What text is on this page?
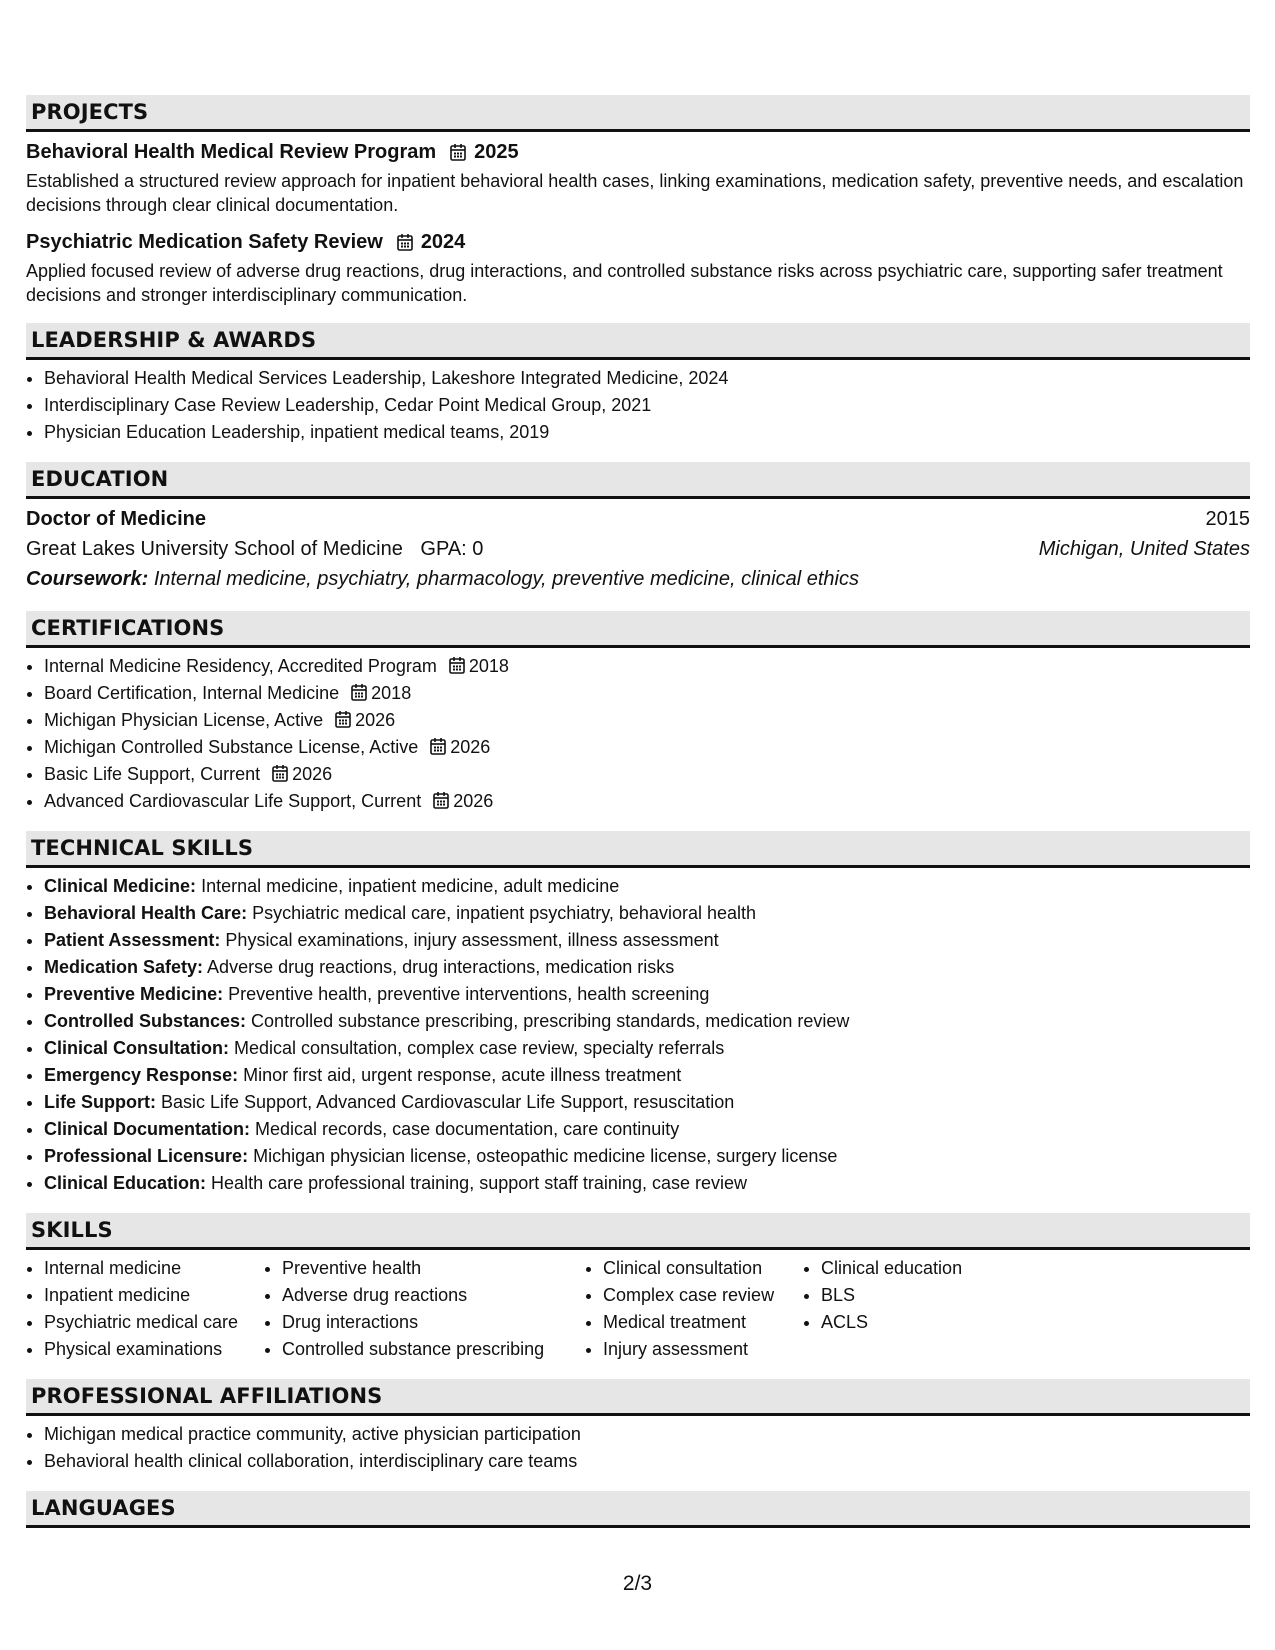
PROJECTS
Behavioral Health Medical Review Program 2025

Established a structured review approach for inpatient behavioral health cases, linking examinations, medication safety, preventive needs, and escalation decisions through clear clinical documentation.

Psychiatric Medication Safety Review 2024

Applied focused review of adverse drug reactions, drug interactions, and controlled substance risks across psychiatric care, supporting safer treatment decisions and stronger interdisciplinary communication.

LEADERSHIP & AWARDS
• Behavioral Health Medical Services Leadership, Lakeshore Integrated Medicine, 2024
• Interdisciplinary Case Review Leadership, Cedar Point Medical Group, 2021
• Physician Education Leadership, inpatient medical teams, 2019
EDUCATION
Doctor of Medicine	2015
Great Lakes University School of Medicine GPA: 0	Michigan, United States
Coursework: Internal medicine, psychiatry, pharmacology, preventive medicine, clinical ethics
CERTIFICATIONS
• Internal Medicine Residency, Accredited Program 2018
• Board Certification, Internal Medicine 2018
• Michigan Physician License, Active 2026
• Michigan Controlled Substance License, Active 2026
• Basic Life Support, Current 2026
• Advanced Cardiovascular Life Support, Current 2026
TECHNICAL SKILLS
• Clinical Medicine: Internal medicine, inpatient medicine, adult medicine
• Behavioral Health Care: Psychiatric medical care, inpatient psychiatry, behavioral health
• Patient Assessment: Physical examinations, injury assessment, illness assessment
• Medication Safety: Adverse drug reactions, drug interactions, medication risks
• Preventive Medicine: Preventive health, preventive interventions, health screening
• Controlled Substances: Controlled substance prescribing, prescribing standards, medication review
• Clinical Consultation: Medical consultation, complex case review, specialty referrals
• Emergency Response: Minor first aid, urgent response, acute illness treatment
• Life Support: Basic Life Support, Advanced Cardiovascular Life Support, resuscitation
• Clinical Documentation: Medical records, case documentation, care continuity
• Professional Licensure: Michigan physician license, osteopathic medicine license, surgery license
• Clinical Education: Health care professional training, support staff training, case review
SKILLS
• Internal medicine
• Inpatient medicine
• Psychiatric medical care
• Physical examinations
• Preventive health
• Adverse drug reactions
• Drug interactions
• Controlled substance prescribing
• Clinical consultation
• Complex case review
• Medical treatment
• Injury assessment
• Clinical education
• BLS
• ACLS
PROFESSIONAL AFFILIATIONS
• Michigan medical practice community, active physician participation
• Behavioral health clinical collaboration, interdisciplinary care teams
LANGUAGES
2/3
